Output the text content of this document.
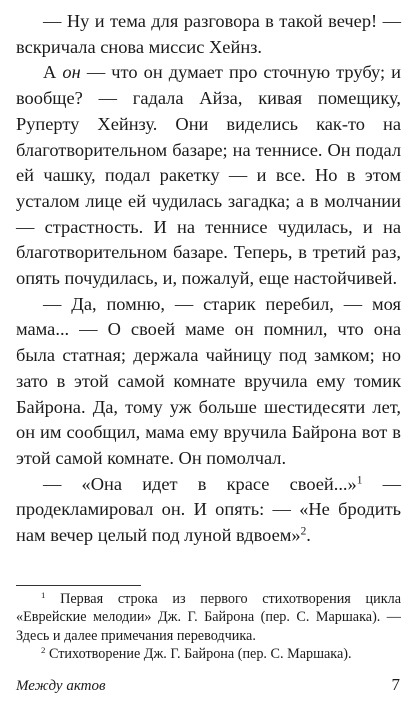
— Ну и тема для разговора в такой вечер! — вскричала снова миссис Хейнз.

А он — что он думает про сточную трубу; и вообще? — гадала Айза, кивая помещику, Руперту Хейнзу. Они виделись как-то на благотворительном базаре; на теннисе. Он подал ей чашку, подал ракетку — и все. Но в этом усталом лице ей чудилась загадка; а в молчании — страстность. И на теннисе чудилась, и на благотворительном базаре. Теперь, в третий раз, опять почудилась, и, пожалуй, еще настойчивей.

— Да, помню, — старик перебил, — моя мама... — О своей маме он помнил, что она была статная; держала чайницу под замком; но зато в этой самой комнате вручила ему томик Байрона. Да, тому уж больше шестидесяти лет, он им сообщил, мама ему вручила Байрона вот в этой самой комнате. Он помолчал.

— «Она идет в красе своей...»$^1$ — продекламировал он. И опять: — «Не бродить нам вечер целый под луной вдвоем»$^2$.

$^1$ Первая строка из первого стихотворения цикла «Еврейские мелодии» Дж. Г. Байрона (пер. С. Маршака). — Здесь и далее примечания переводчика.

$^2$ Стихотворение Дж. Г. Байрона (пер. С. Маршака).

Между актов	7
